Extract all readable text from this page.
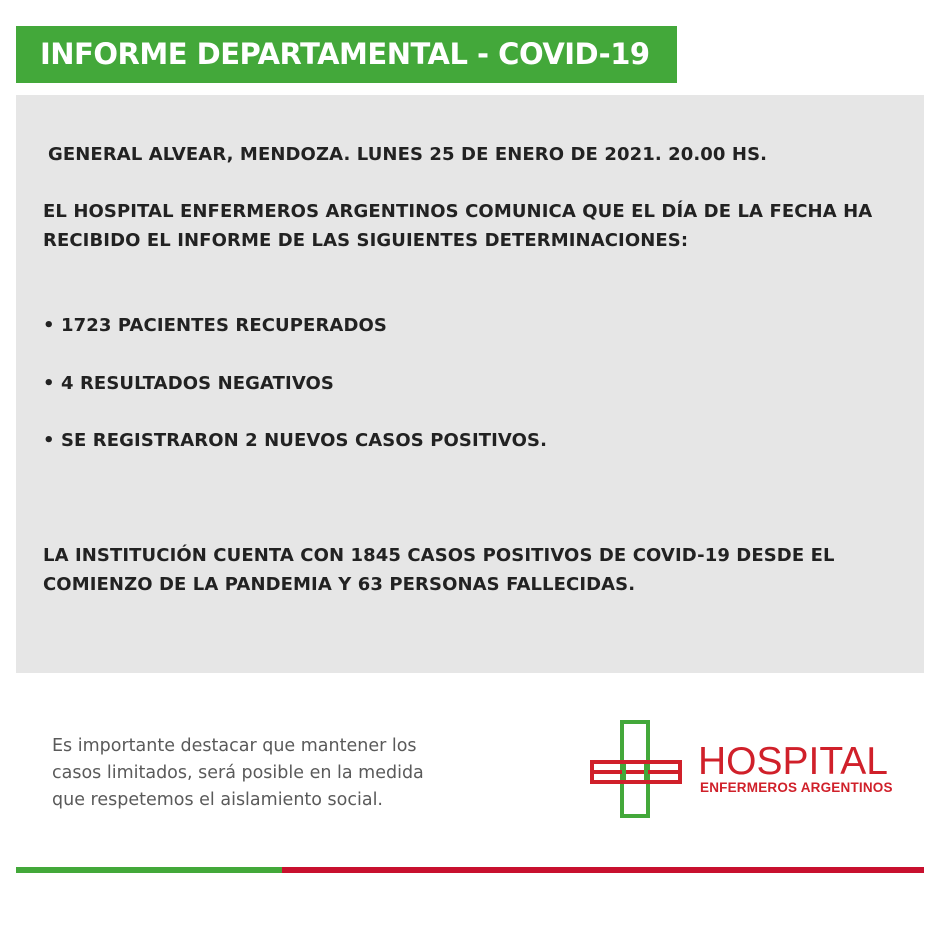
INFORME DEPARTAMENTAL - COVID-19
GENERAL ALVEAR, MENDOZA. LUNES 25 DE ENERO DE 2021. 20.00 HS.
EL HOSPITAL ENFERMEROS ARGENTINOS COMUNICA QUE EL DÍA DE LA FECHA HA
RECIBIDO EL INFORME DE LAS SIGUIENTES DETERMINACIONES:
• 1723 PACIENTES RECUPERADOS
• 4 RESULTADOS NEGATIVOS
• SE REGISTRARON 2 NUEVOS CASOS POSITIVOS.
LA INSTITUCIÓN CUENTA CON 1845 CASOS POSITIVOS DE COVID-19 DESDE EL
COMIENZO DE LA PANDEMIA Y 63 PERSONAS FALLECIDAS.
Es importante destacar que mantener los
casos limitados, será posible en la medida
que respetemos el aislamiento social.
HOSPITAL
ENFERMEROS ARGENTINOS
